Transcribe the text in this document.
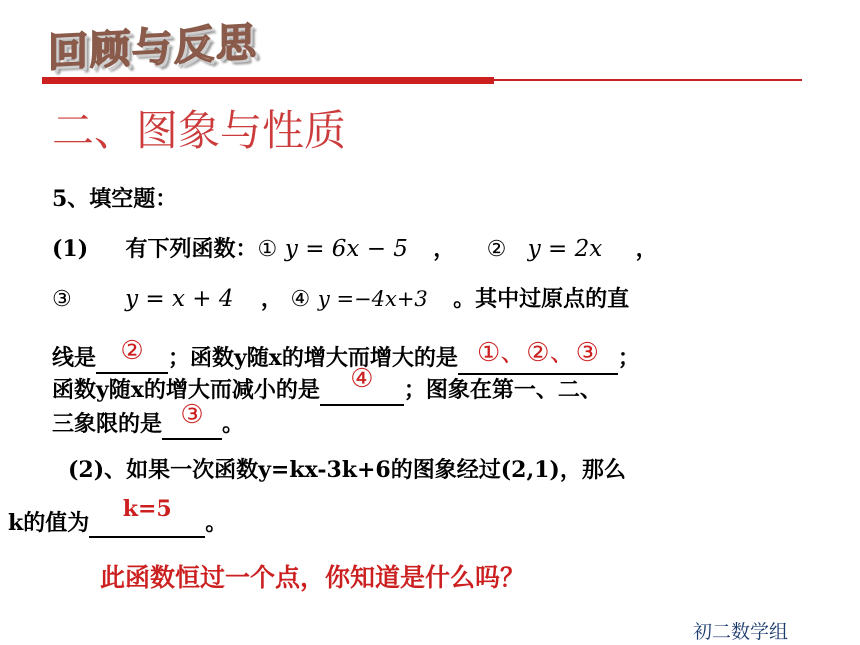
回顾与反思
二、图象与性质
5、填空题：
(1) 有下列函数：① y = 6x − 5 ， ② y = 2x ，
③ y = x + 4 ， ④ y =−4x+3 。其中过原点的直
线是 ② ；函数y随x的增大而增大的是 ①、②、③ ；
函数y随x的增大而减小的是 ④ ；图象在第一、二、
三象限的是 ③ 。
(2)、如果一次函数y=kx-3k+6的图象经过(2,1)，那么
k的值为k=5。
此函数恒过一个点，你知道是什么吗？
初二数学组
